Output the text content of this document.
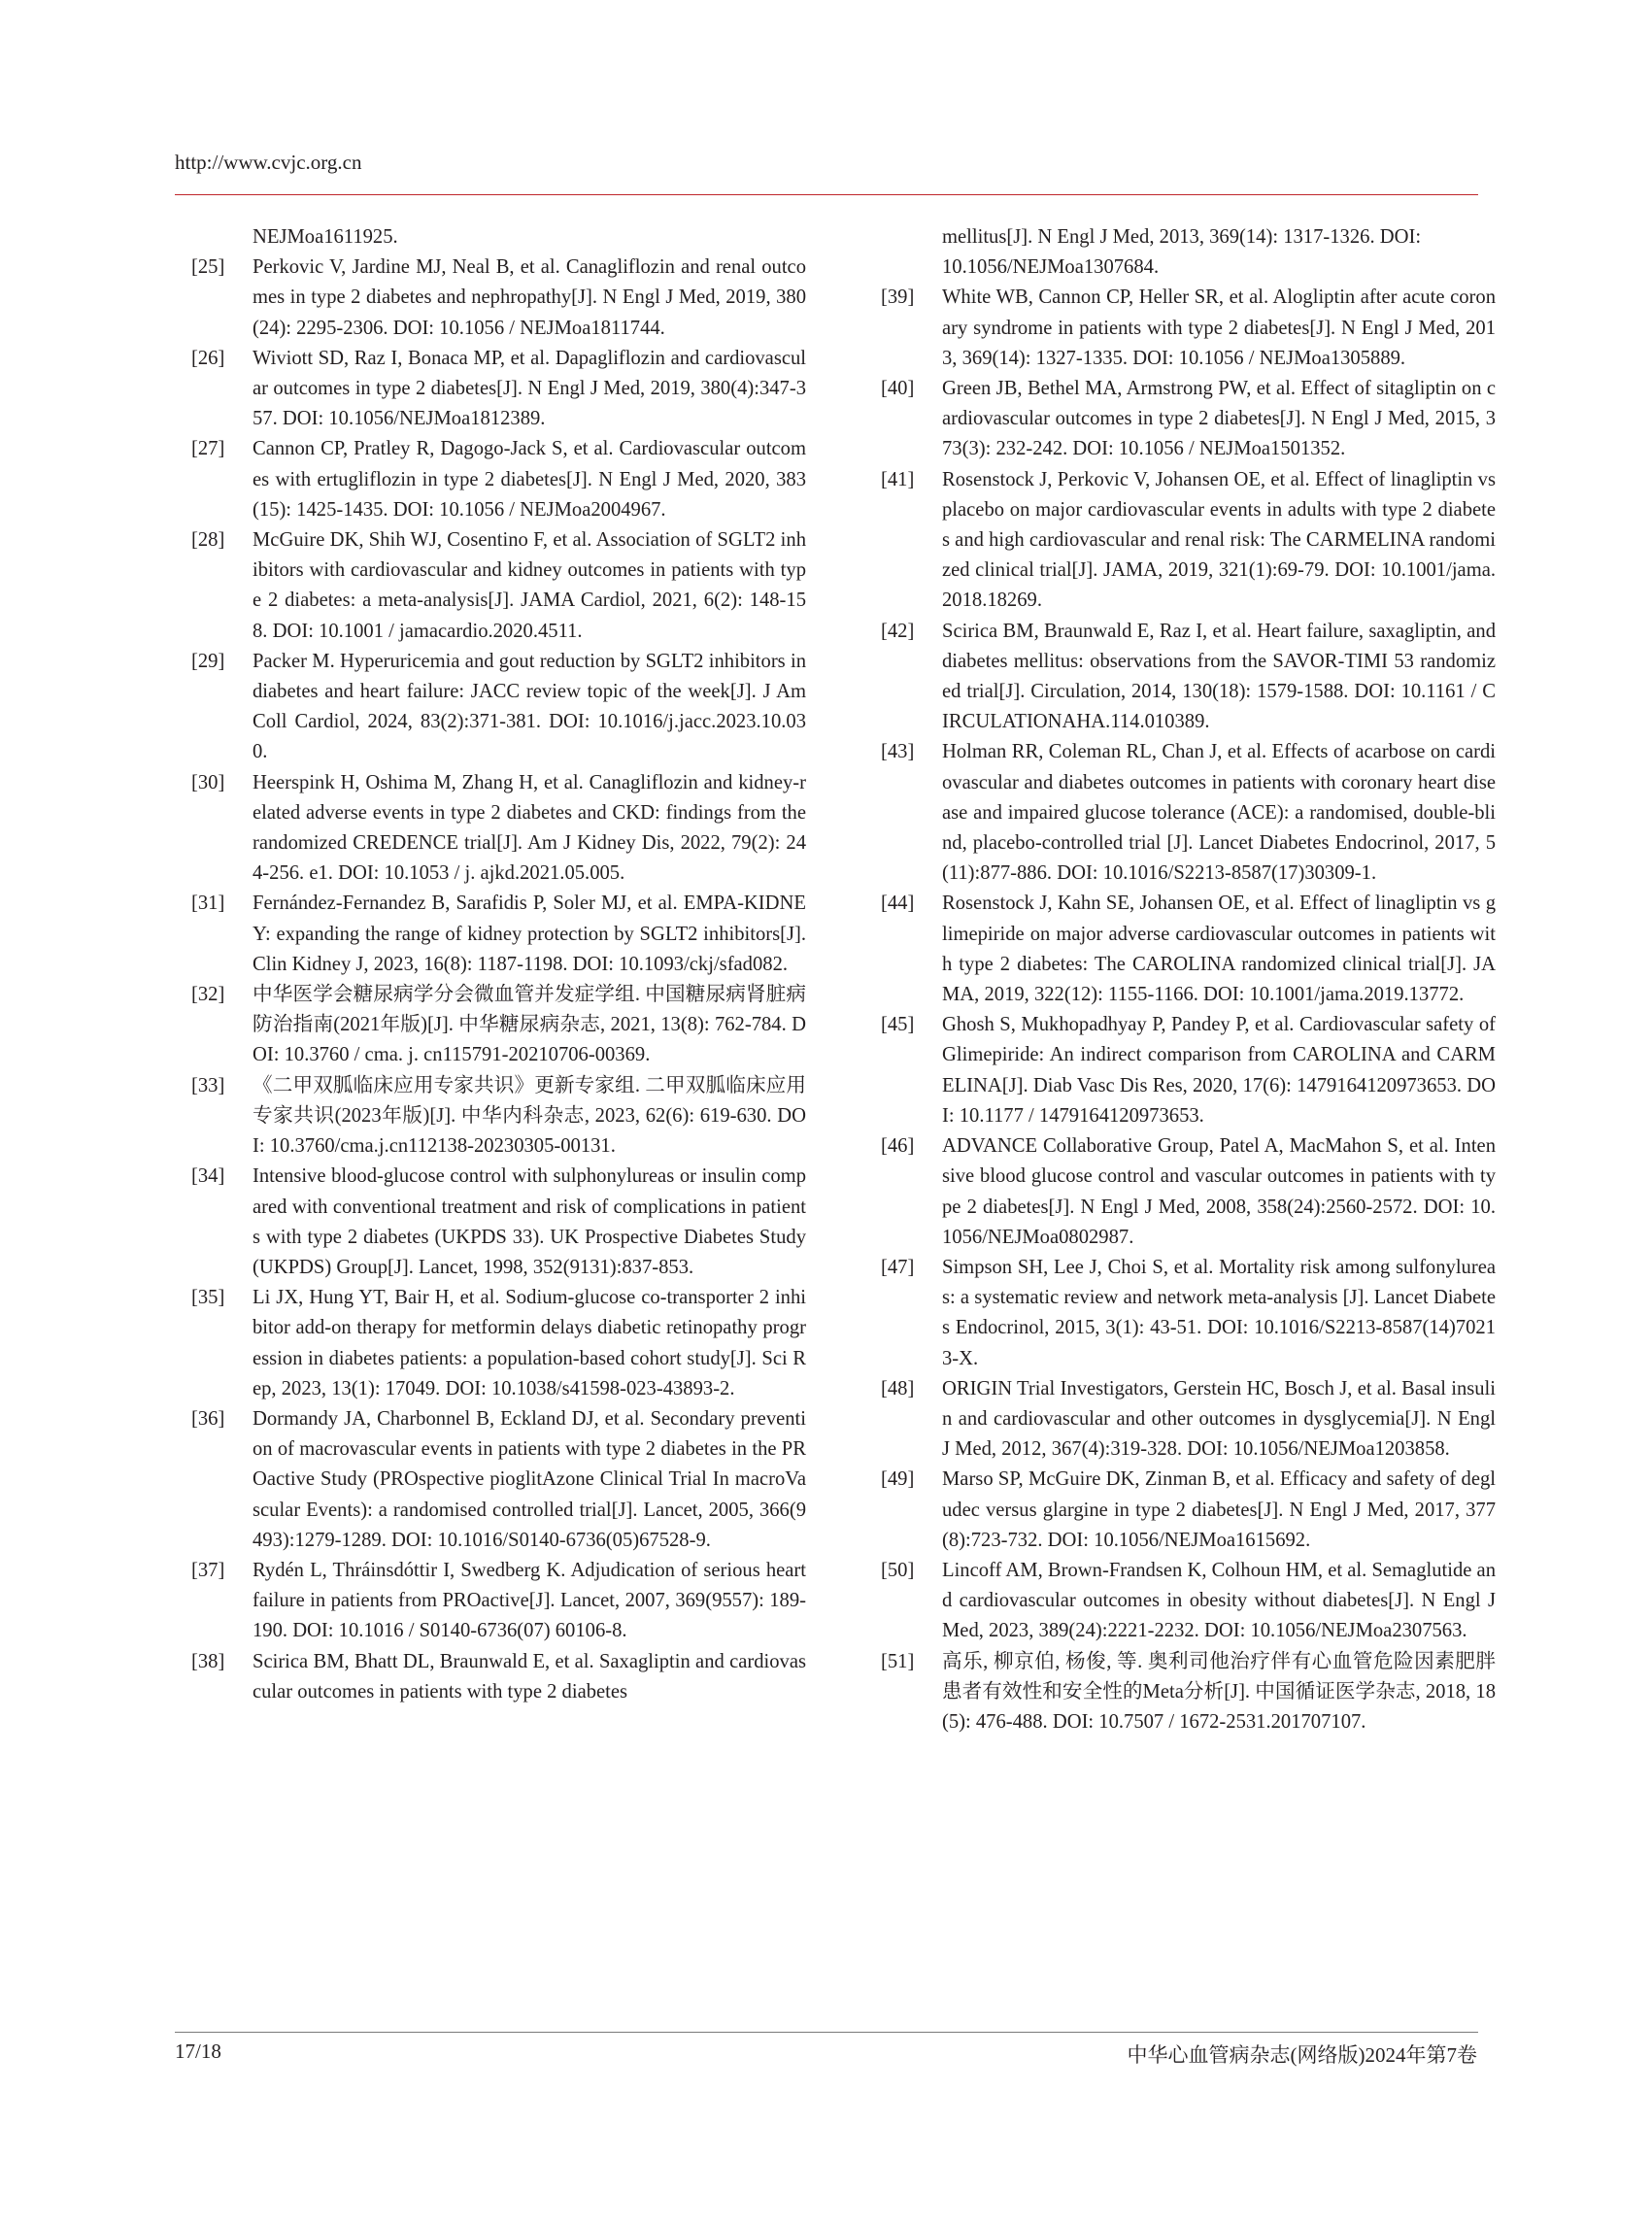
http://www.cvjc.org.cn
NEJMoa1611925.
[25]	Perkovic V, Jardine MJ, Neal B, et al. Canagliflozin and renal outcomes in type 2 diabetes and nephropathy[J]. N Engl J Med, 2019, 380(24): 2295-2306. DOI: 10.1056 / NEJMoa1811744.
[26]	Wiviott SD, Raz I, Bonaca MP, et al. Dapagliflozin and cardiovascular outcomes in type 2 diabetes[J]. N Engl J Med, 2019, 380(4):347-357. DOI: 10.1056/NEJMoa1812389.
[27]	Cannon CP, Pratley R, Dagogo-Jack S, et al. Cardiovascular outcomes with ertugliflozin in type 2 diabetes[J]. N Engl J Med, 2020, 383(15): 1425-1435. DOI: 10.1056 / NEJMoa2004967.
[28]	McGuire DK, Shih WJ, Cosentino F, et al. Association of SGLT2 inhibitors with cardiovascular and kidney outcomes in patients with type 2 diabetes: a meta-analysis[J]. JAMA Cardiol, 2021, 6(2): 148-158. DOI: 10.1001 / jamacardio.2020.4511.
[29]	Packer M. Hyperuricemia and gout reduction by SGLT2 inhibitors in diabetes and heart failure: JACC review topic of the week[J]. J Am Coll Cardiol, 2024, 83(2):371-381. DOI: 10.1016/j.jacc.2023.10.030.
[30]	Heerspink H, Oshima M, Zhang H, et al. Canagliflozin and kidney-related adverse events in type 2 diabetes and CKD: findings from the randomized CREDENCE trial[J]. Am J Kidney Dis, 2022, 79(2): 244-256. e1. DOI: 10.1053 / j. ajkd.2021.05.005.
[31]	Fernández-Fernandez B, Sarafidis P, Soler MJ, et al. EMPA-KIDNEY: expanding the range of kidney protection by SGLT2 inhibitors[J]. Clin Kidney J, 2023, 16(8): 1187-1198. DOI: 10.1093/ckj/sfad082.
[32]	中华医学会糖尿病学分会微血管并发症学组. 中国糖尿病肾脏病防治指南(2021年版)[J]. 中华糖尿病杂志, 2021, 13(8): 762-784. DOI: 10.3760 / cma. j. cn115791-20210706-00369.
[33]	《二甲双胍临床应用专家共识》更新专家组. 二甲双胍临床应用专家共识(2023年版)[J]. 中华内科杂志, 2023, 62(6): 619-630. DOI: 10.3760/cma.j.cn112138-20230305-00131.
[34]	Intensive blood-glucose control with sulphonylureas or insulin compared with conventional treatment and risk of complications in patients with type 2 diabetes (UKPDS 33). UK Prospective Diabetes Study (UKPDS) Group[J]. Lancet, 1998, 352(9131):837-853.
[35]	Li JX, Hung YT, Bair H, et al. Sodium-glucose co-transporter 2 inhibitor add-on therapy for metformin delays diabetic retinopathy progression in diabetes patients: a population-based cohort study[J]. Sci Rep, 2023, 13(1): 17049. DOI: 10.1038/s41598-023-43893-2.
[36]	Dormandy JA, Charbonnel B, Eckland DJ, et al. Secondary prevention of macrovascular events in patients with type 2 diabetes in the PROactive Study (PROspective pioglitAzone Clinical Trial In macroVascular Events): a randomised controlled trial[J]. Lancet, 2005, 366(9493):1279-1289. DOI: 10.1016/S0140-6736(05)67528-9.
[37]	Rydén L, Thráinsdóttir I, Swedberg K. Adjudication of serious heart failure in patients from PROactive[J]. Lancet, 2007, 369(9557): 189-190. DOI: 10.1016 / S0140-6736(07) 60106-8.
[38]	Scirica BM, Bhatt DL, Braunwald E, et al. Saxagliptin and cardiovascular outcomes in patients with type 2 diabetes
mellitus[J]. N Engl J Med, 2013, 369(14): 1317-1326. DOI: 10.1056/NEJMoa1307684.
[39]	White WB, Cannon CP, Heller SR, et al. Alogliptin after acute coronary syndrome in patients with type 2 diabetes[J]. N Engl J Med, 2013, 369(14): 1327-1335. DOI: 10.1056 / NEJMoa1305889.
[40]	Green JB, Bethel MA, Armstrong PW, et al. Effect of sitagliptin on cardiovascular outcomes in type 2 diabetes[J]. N Engl J Med, 2015, 373(3): 232-242. DOI: 10.1056 / NEJMoa1501352.
[41]	Rosenstock J, Perkovic V, Johansen OE, et al. Effect of linagliptin vs placebo on major cardiovascular events in adults with type 2 diabetes and high cardiovascular and renal risk: The CARMELINA randomized clinical trial[J]. JAMA, 2019, 321(1):69-79. DOI: 10.1001/jama.2018.18269.
[42]	Scirica BM, Braunwald E, Raz I, et al. Heart failure, saxagliptin, and diabetes mellitus: observations from the SAVOR-TIMI 53 randomized trial[J]. Circulation, 2014, 130(18): 1579-1588. DOI: 10.1161 / CIRCULATIONAHA.114.010389.
[43]	Holman RR, Coleman RL, Chan J, et al. Effects of acarbose on cardiovascular and diabetes outcomes in patients with coronary heart disease and impaired glucose tolerance (ACE): a randomised, double-blind, placebo-controlled trial [J]. Lancet Diabetes Endocrinol, 2017, 5(11):877-886. DOI: 10.1016/S2213-8587(17)30309-1.
[44]	Rosenstock J, Kahn SE, Johansen OE, et al. Effect of linagliptin vs glimepiride on major adverse cardiovascular outcomes in patients with type 2 diabetes: The CAROLINA randomized clinical trial[J]. JAMA, 2019, 322(12): 1155-1166. DOI: 10.1001/jama.2019.13772.
[45]	Ghosh S, Mukhopadhyay P, Pandey P, et al. Cardiovascular safety of Glimepiride: An indirect comparison from CAROLINA and CARMELINA[J]. Diab Vasc Dis Res, 2020, 17(6): 1479164120973653. DOI: 10.1177 / 1479164120973653.
[46]	ADVANCE Collaborative Group, Patel A, MacMahon S, et al. Intensive blood glucose control and vascular outcomes in patients with type 2 diabetes[J]. N Engl J Med, 2008, 358(24):2560-2572. DOI: 10.1056/NEJMoa0802987.
[47]	Simpson SH, Lee J, Choi S, et al. Mortality risk among sulfonylureas: a systematic review and network meta-analysis [J]. Lancet Diabetes Endocrinol, 2015, 3(1): 43-51. DOI: 10.1016/S2213-8587(14)70213-X.
[48]	ORIGIN Trial Investigators, Gerstein HC, Bosch J, et al. Basal insulin and cardiovascular and other outcomes in dysglycemia[J]. N Engl J Med, 2012, 367(4):319-328. DOI: 10.1056/NEJMoa1203858.
[49]	Marso SP, McGuire DK, Zinman B, et al. Efficacy and safety of degludec versus glargine in type 2 diabetes[J]. N Engl J Med, 2017, 377(8):723-732. DOI: 10.1056/NEJMoa1615692.
[50]	Lincoff AM, Brown-Frandsen K, Colhoun HM, et al. Semaglutide and cardiovascular outcomes in obesity without diabetes[J]. N Engl J Med, 2023, 389(24):2221-2232. DOI: 10.1056/NEJMoa2307563.
[51]	高乐, 柳京伯, 杨俊, 等. 奥利司他治疗伴有心血管危险因素肥胖患者有效性和安全性的Meta分析[J]. 中国循证医学杂志, 2018, 18(5): 476-488. DOI: 10.7507 / 1672-2531.201707107.
17/18	中华心血管病杂志(网络版)2024年第7卷
